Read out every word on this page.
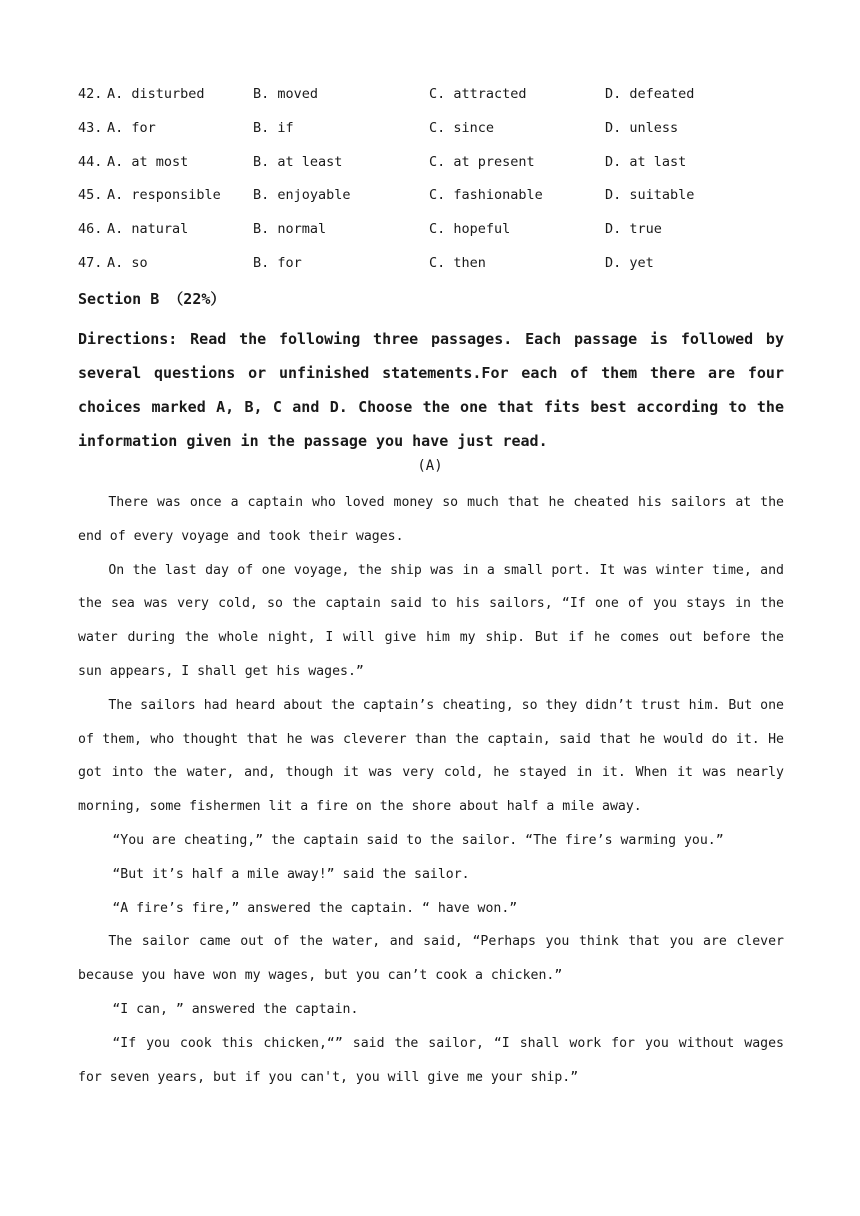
42. A. disturbed	B. moved	C. attracted	D. defeated
43. A. for	B. if	C. since	D. unless
44. A. at most	B. at least	C. at present	D. at last
45. A. responsible B. enjoyable	C. fashionable	D. suitable
46. A. natural	B. normal	C. hopeful	D. true
47. A. so	B. for	C. then	D. yet
Section B （22%）
Directions: Read the following three passages. Each passage is followed by several questions or unfinished statements.For each of them there are four choices marked A, B, C and D. Choose the one that fits best according to the information given in the passage you have just read.
(A)

There was once a captain who loved money so much that he cheated his sailors at the end of every voyage and took their wages.

On the last day of one voyage, the ship was in a small port. It was winter time, and the sea was very cold, so the captain said to his sailors, “If one of you stays in the water during the whole night, I will give him my ship. But if he comes out before the sun appears, I shall get his wages.”

The sailors had heard about the captain’s cheating, so they didn’t trust him. But one of them, who thought that he was cleverer than the captain, said that he would do it. He got into the water, and, though it was very cold, he stayed in it. When it was nearly morning, some fishermen lit a fire on the shore about half a mile away.

“You are cheating,” the captain said to the sailor. “The fire’s warming you.”

“But it’s half a mile away!” said the sailor.

“A fire’s fire,” answered the captain. “ have won.”

The sailor came out of the water, and said, “Perhaps you think that you are clever because you have won my wages, but you can’t cook a chicken.”

“I can, ” answered the captain.

“If you cook this chicken,“” said the sailor, “I shall work for you without wages for seven years, but if you can't, you will give me your ship.”
